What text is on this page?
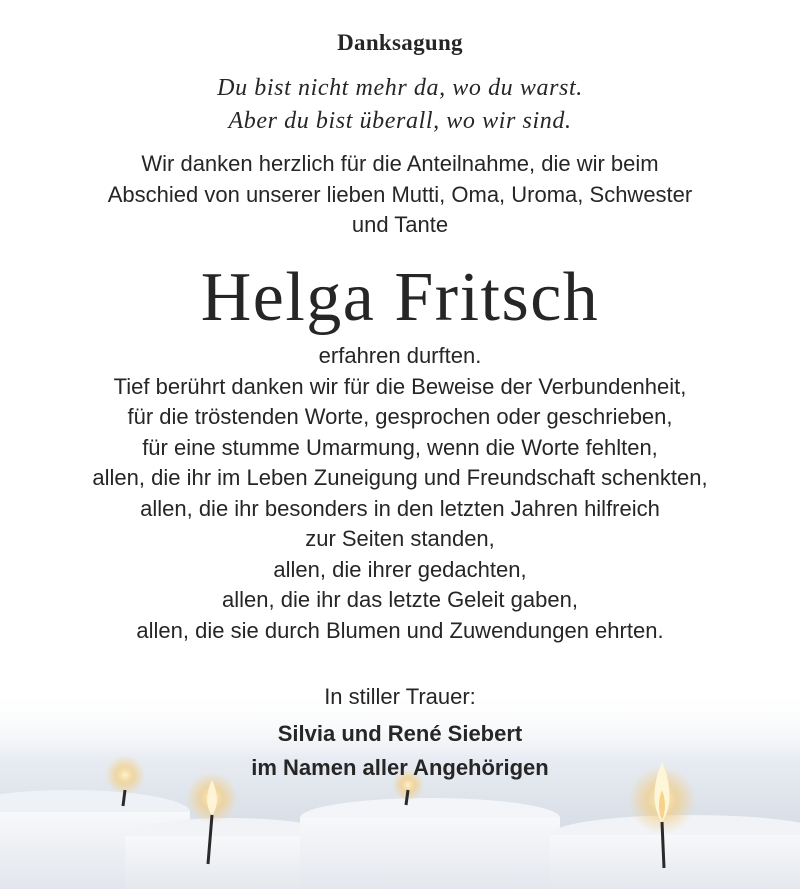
Danksagung
Du bist nicht mehr da, wo du warst.
Aber du bist überall, wo wir sind.
Wir danken herzlich für die Anteilnahme, die wir beim
Abschied von unserer lieben Mutti, Oma, Uroma, Schwester
und Tante
Helga Fritsch
erfahren durften.
Tief berührt danken wir für die Beweise der Verbundenheit,
für die tröstenden Worte, gesprochen oder geschrieben,
für eine stumme Umarmung, wenn die Worte fehlten,
allen, die ihr im Leben Zuneigung und Freundschaft schenkten,
allen, die ihr besonders in den letzten Jahren hilfreich
zur Seiten standen,
allen, die ihrer gedachten,
allen, die ihr das letzte Geleit gaben,
allen, die sie durch Blumen und Zuwendungen ehrten.
In stiller Trauer:
Silvia und René Siebert
im Namen aller Angehörigen
